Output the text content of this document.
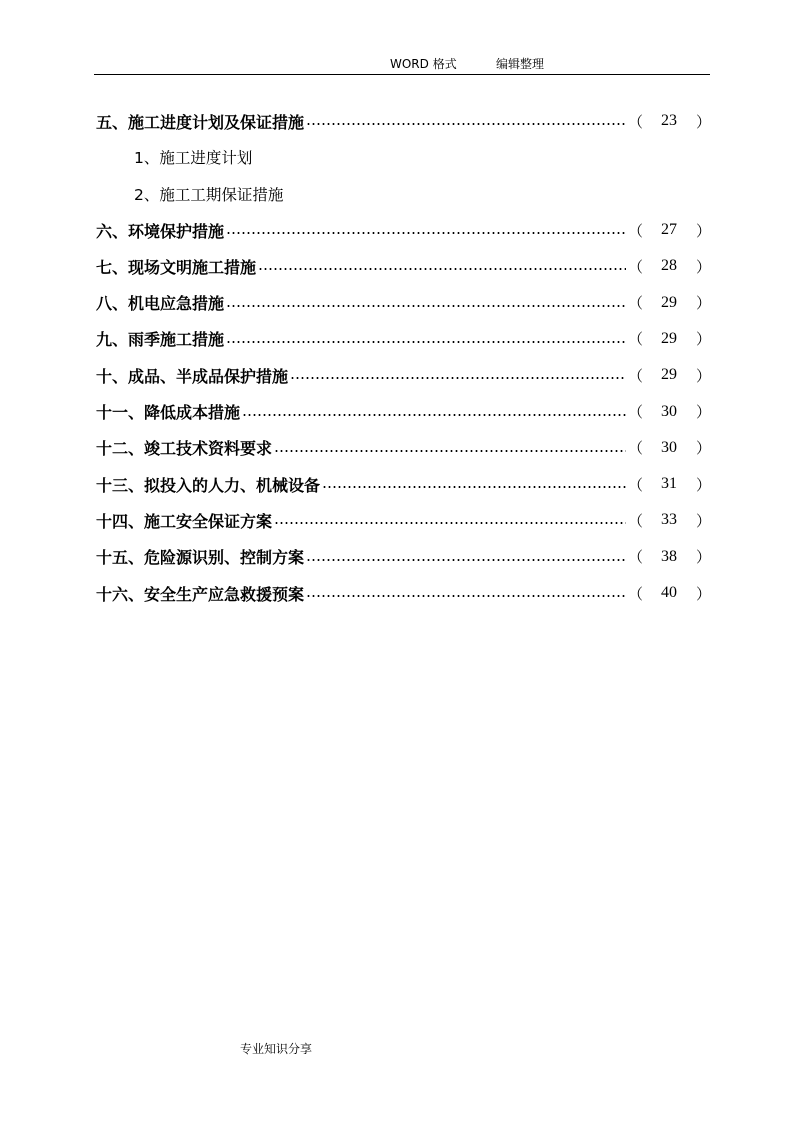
WORD 格式	编辑整理
五、施工进度计划及保证措施	（	23	）
1、施工进度计划
2、施工工期保证措施
六、环境保护措施	（	27	）
七、现场文明施工措施	（	28	）
八、机电应急措施	（	29	）
九、雨季施工措施	（	29	）
十、成品、半成品保护措施	（	29	）
十一、降低成本措施	（	30	）
十二、竣工技术资料要求	（	30	）
十三、拟投入的人力、机械设备	（	31	）
十四、施工安全保证方案	（	33	）
十五、危险源识别、控制方案	（	38	）
十六、安全生产应急救援预案	（	40	）
专业知识分享
